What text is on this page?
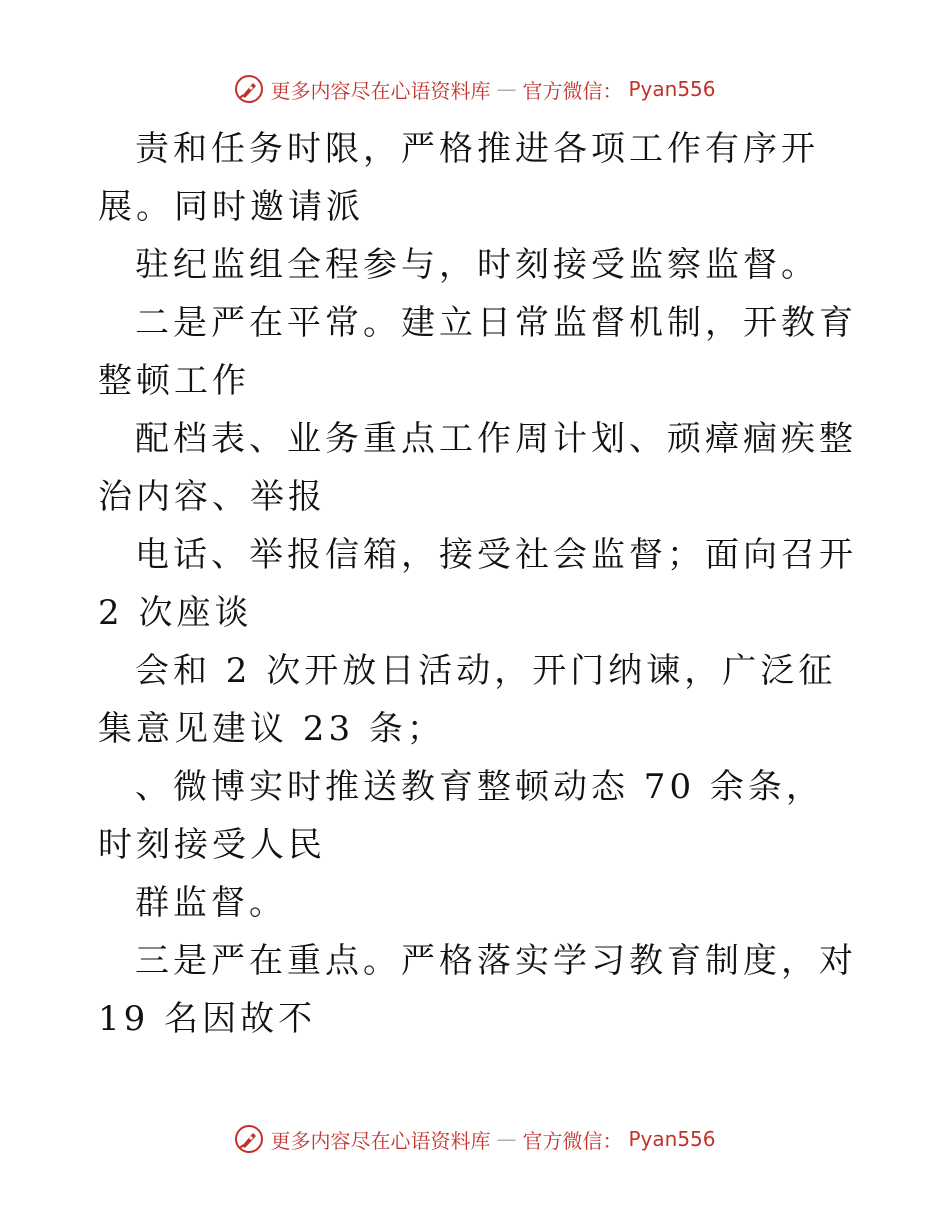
更多内容尽在心语资料库 — 官方微信： Pyan556

责和任务时限，严格推进各项工作有序开展。同时邀请派

驻纪监组全程参与，时刻接受监察监督。

二是严在平常。建立日常监督机制，开教育整顿工作

配档表、业务重点工作周计划、顽瘴痼疾整治内容、举报

电话、举报信箱，接受社会监督；面向召开 2 次座谈

会和 2 次开放日活动，开门纳谏，广泛征集意见建议 23 条；

、微博实时推送教育整顿动态 70 余条，时刻接受人民

群监督。

三是严在重点。严格落实学习教育制度，对 19 名因故不

更多内容尽在心语资料库 — 官方微信： Pyan556
